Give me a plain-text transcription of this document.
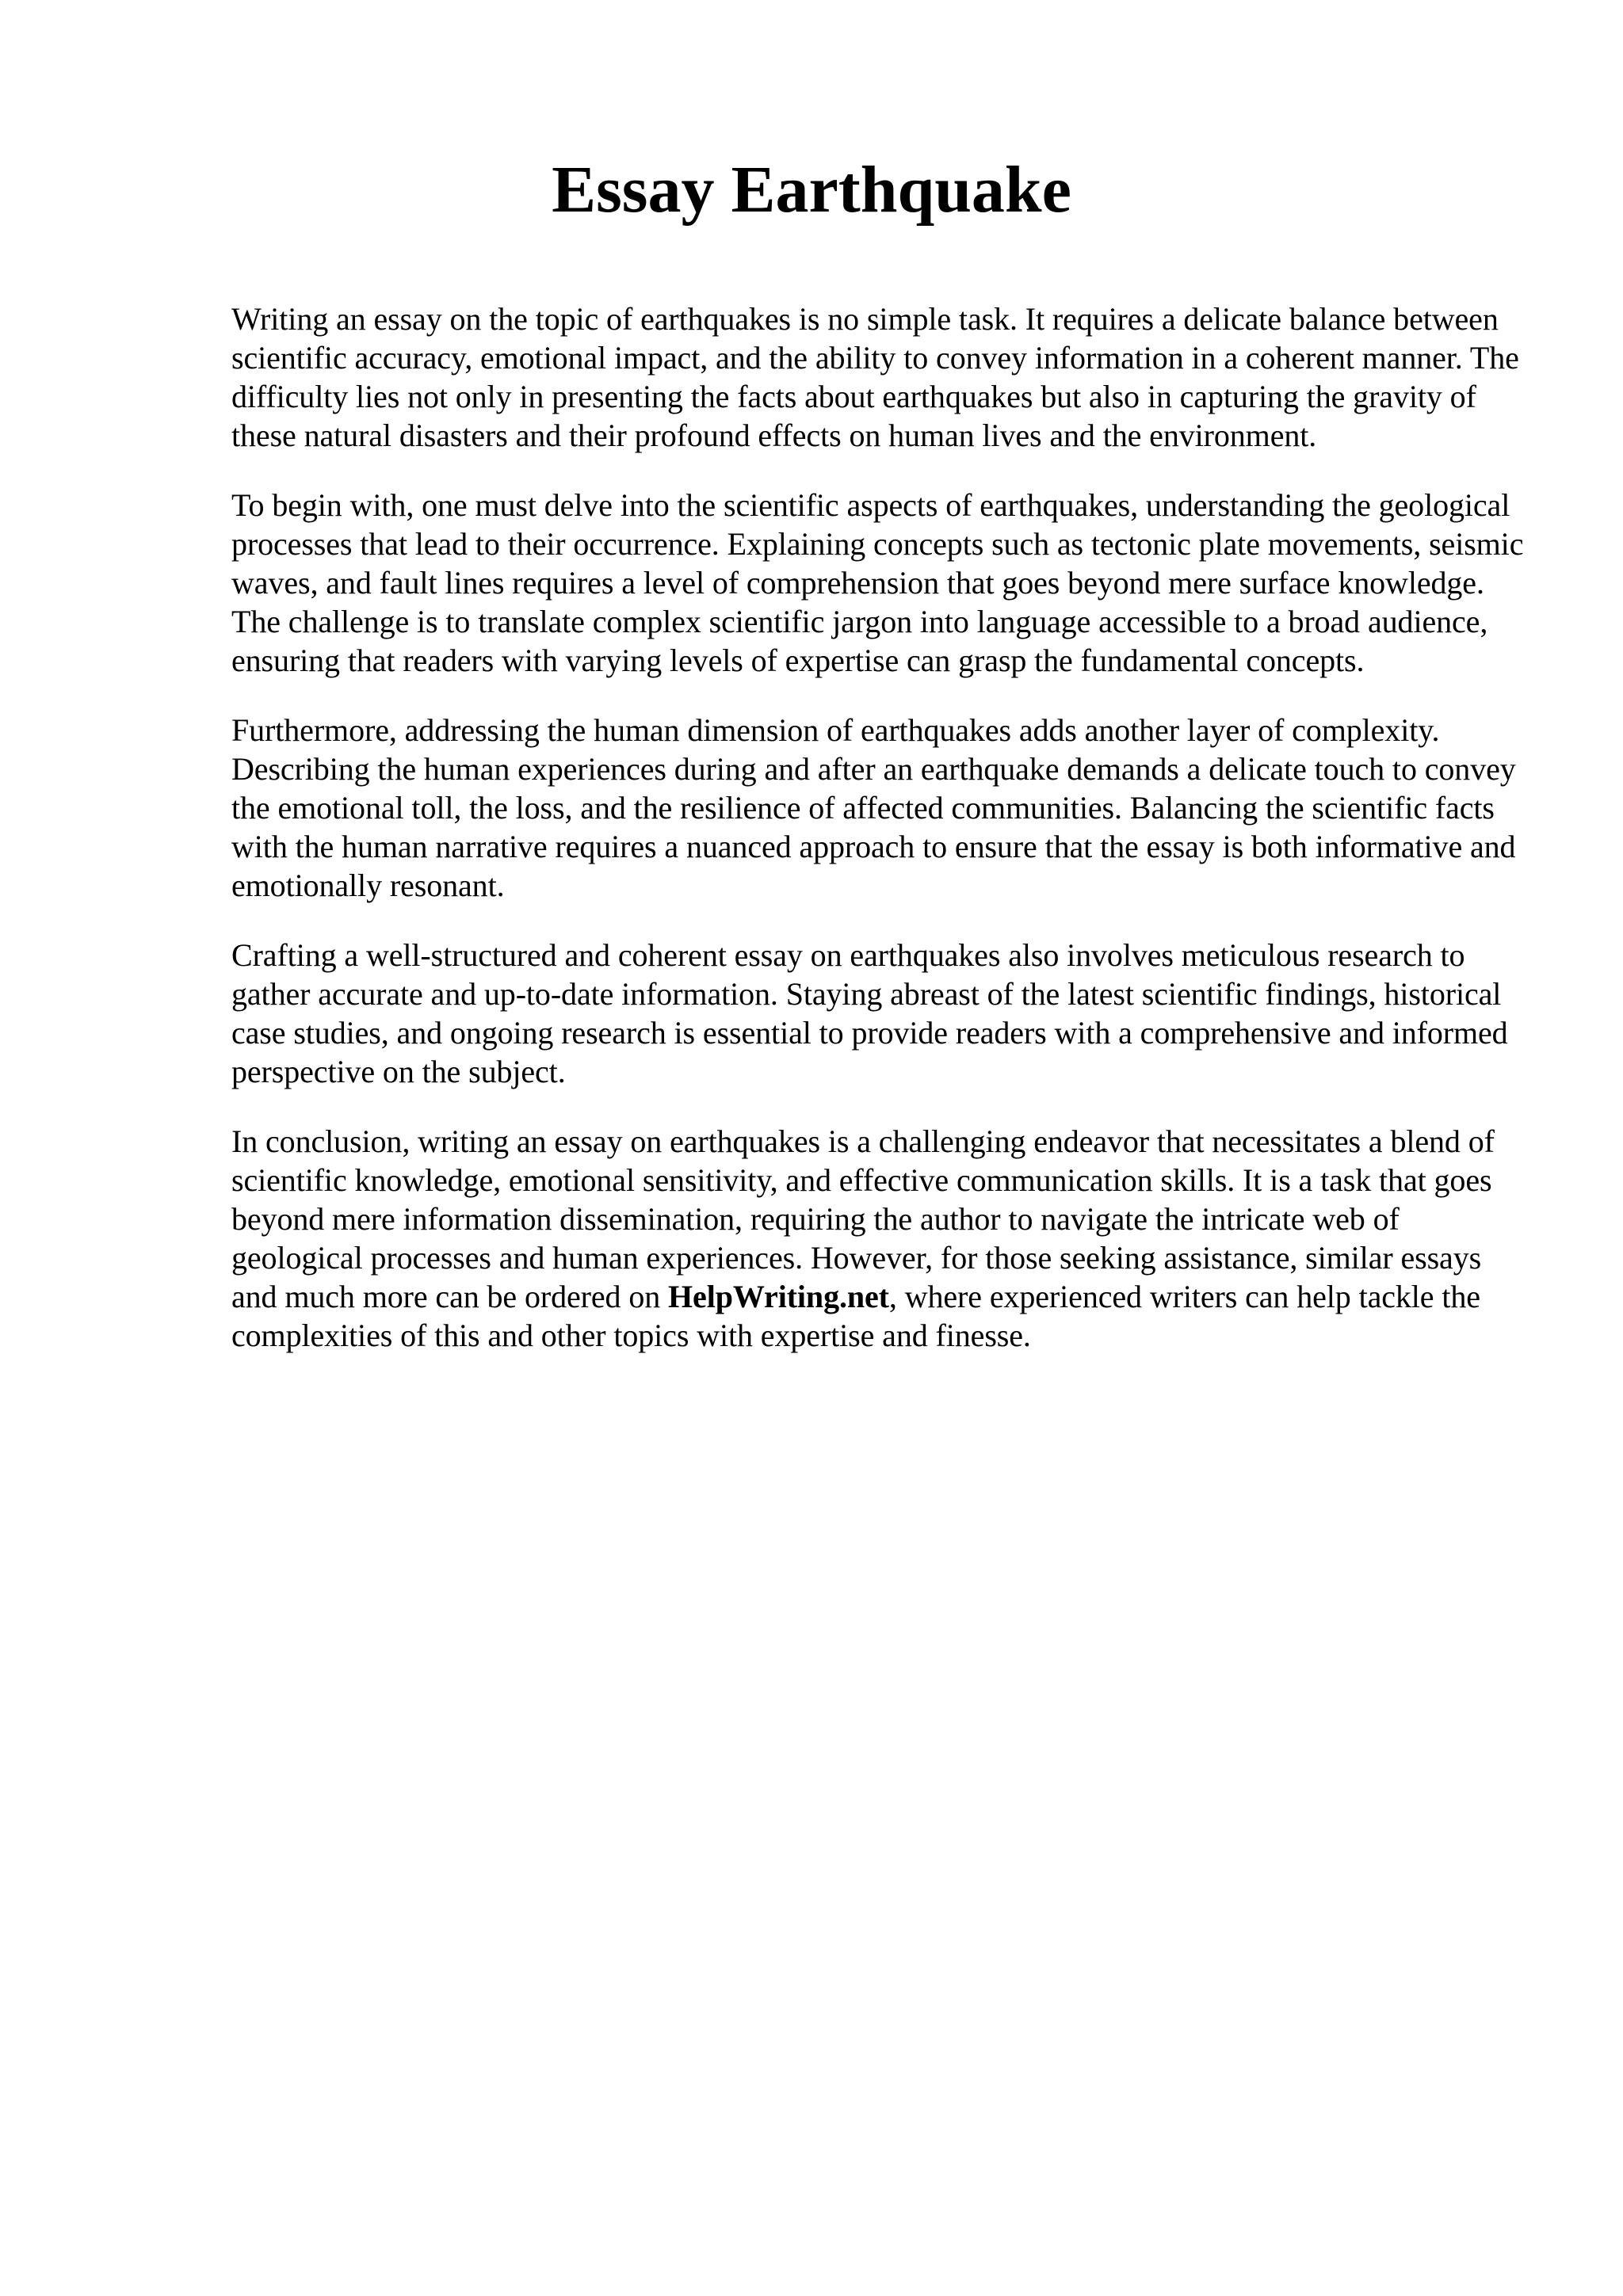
Essay Earthquake

Writing an essay on the topic of earthquakes is no simple task. It requires a delicate balance between scientific accuracy, emotional impact, and the ability to convey information in a coherent manner. The difficulty lies not only in presenting the facts about earthquakes but also in capturing the gravity of these natural disasters and their profound effects on human lives and the environment.

To begin with, one must delve into the scientific aspects of earthquakes, understanding the geological processes that lead to their occurrence. Explaining concepts such as tectonic plate movements, seismic waves, and fault lines requires a level of comprehension that goes beyond mere surface knowledge. The challenge is to translate complex scientific jargon into language accessible to a broad audience, ensuring that readers with varying levels of expertise can grasp the fundamental concepts.

Furthermore, addressing the human dimension of earthquakes adds another layer of complexity. Describing the human experiences during and after an earthquake demands a delicate touch to convey the emotional toll, the loss, and the resilience of affected communities. Balancing the scientific facts with the human narrative requires a nuanced approach to ensure that the essay is both informative and emotionally resonant.

Crafting a well-structured and coherent essay on earthquakes also involves meticulous research to gather accurate and up-to-date information. Staying abreast of the latest scientific findings, historical case studies, and ongoing research is essential to provide readers with a comprehensive and informed perspective on the subject.

In conclusion, writing an essay on earthquakes is a challenging endeavor that necessitates a blend of scientific knowledge, emotional sensitivity, and effective communication skills. It is a task that goes beyond mere information dissemination, requiring the author to navigate the intricate web of geological processes and human experiences. However, for those seeking assistance, similar essays and much more can be ordered on HelpWriting.net, where experienced writers can help tackle the complexities of this and other topics with expertise and finesse.
